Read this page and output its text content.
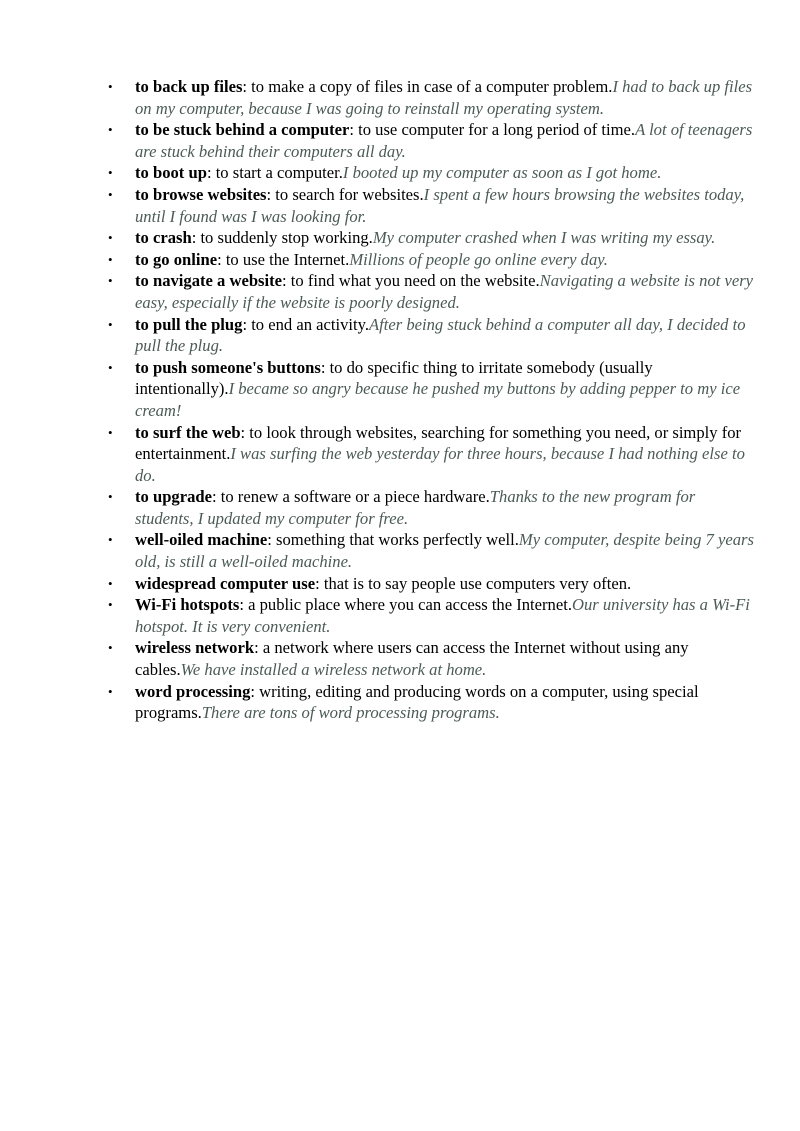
• to back up files: to make a copy of files in case of a computer problem.I had to back up files on my computer, because I was going to reinstall my operating system.
• to be stuck behind a computer: to use computer for a long period of time.A lot of teenagers are stuck behind their computers all day.
• to boot up: to start a computer.I booted up my computer as soon as I got home.
• to browse websites: to search for websites.I spent a few hours browsing the websites today, until I found was I was looking for.
• to crash: to suddenly stop working.My computer crashed when I was writing my essay.
• to go online: to use the Internet.Millions of people go online every day.
• to navigate a website: to find what you need on the website.Navigating a website is not very easy, especially if the website is poorly designed.
• to pull the plug: to end an activity.After being stuck behind a computer all day, I decided to pull the plug.
• to push someone's buttons: to do specific thing to irritate somebody (usually intentionally).I became so angry because he pushed my buttons by adding pepper to my ice cream!
• to surf the web: to look through websites, searching for something you need, or simply for entertainment.I was surfing the web yesterday for three hours, because I had nothing else to do.
• to upgrade: to renew a software or a piece hardware.Thanks to the new program for students, I updated my computer for free.
• well-oiled machine: something that works perfectly well.My computer, despite being 7 years old, is still a well-oiled machine.
• widespread computer use: that is to say people use computers very often.
• Wi-Fi hotspots: a public place where you can access the Internet.Our university has a Wi-Fi hotspot. It is very convenient.
• wireless network: a network where users can access the Internet without using any cables.We have installed a wireless network at home.
• word processing: writing, editing and producing words on a computer, using special programs.There are tons of word processing programs.
